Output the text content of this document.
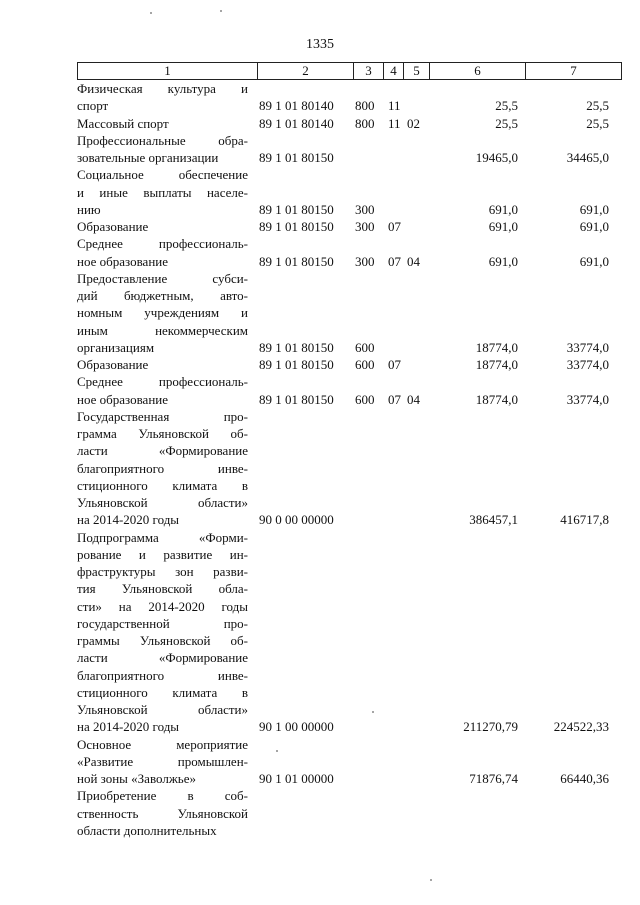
1335
1	2	3	4	5	6	7
Физическая культура и
спорт	89 1 01 80140 800 11	25,5	25,5
Массовый спорт	89 1 01 80140 800 11 02	25,5	25,5
Профессиональные обра-
зовательные организации	89 1 01 80150	19465,0	34465,0
Социальное обеспечение
и иные выплаты населе-
нию	89 1 01 80150 300	691,0	691,0
Образование	89 1 01 80150 300 07	691,0	691,0
Среднее профессиональ-
ное образование	89 1 01 80150 300 07 04	691,0	691,0
Предоставление субси-
дий бюджетным, авто-
номным учреждениям и
иным некоммерческим
организациям	89 1 01 80150 600	18774,0	33774,0
Образование	89 1 01 80150 600 07	18774,0	33774,0
Среднее профессиональ-
ное образование	89 1 01 80150 600 07 04	18774,0	33774,0
Государственная про-
грамма Ульяновской об-
ласти «Формирование
благоприятного инве-
стиционного климата в
Ульяновской области»
на 2014-2020 годы	90 0 00 00000	386457,1	416717,8
Подпрограмма «Форми-
рование и развитие ин-
фраструктуры зон разви-
тия Ульяновской обла-
сти» на 2014-2020 годы
государственной про-
граммы Ульяновской об-
ласти «Формирование
благоприятного инве-
стиционного климата в
Ульяновской области»
на 2014-2020 годы	90 1 00 00000	211270,79	224522,33
Основное мероприятие
«Развитие промышлен-
ной зоны «Заволжье»	90 1 01 00000	71876,74	66440,36
Приобретение в соб-
ственность Ульяновской
области дополнительных
